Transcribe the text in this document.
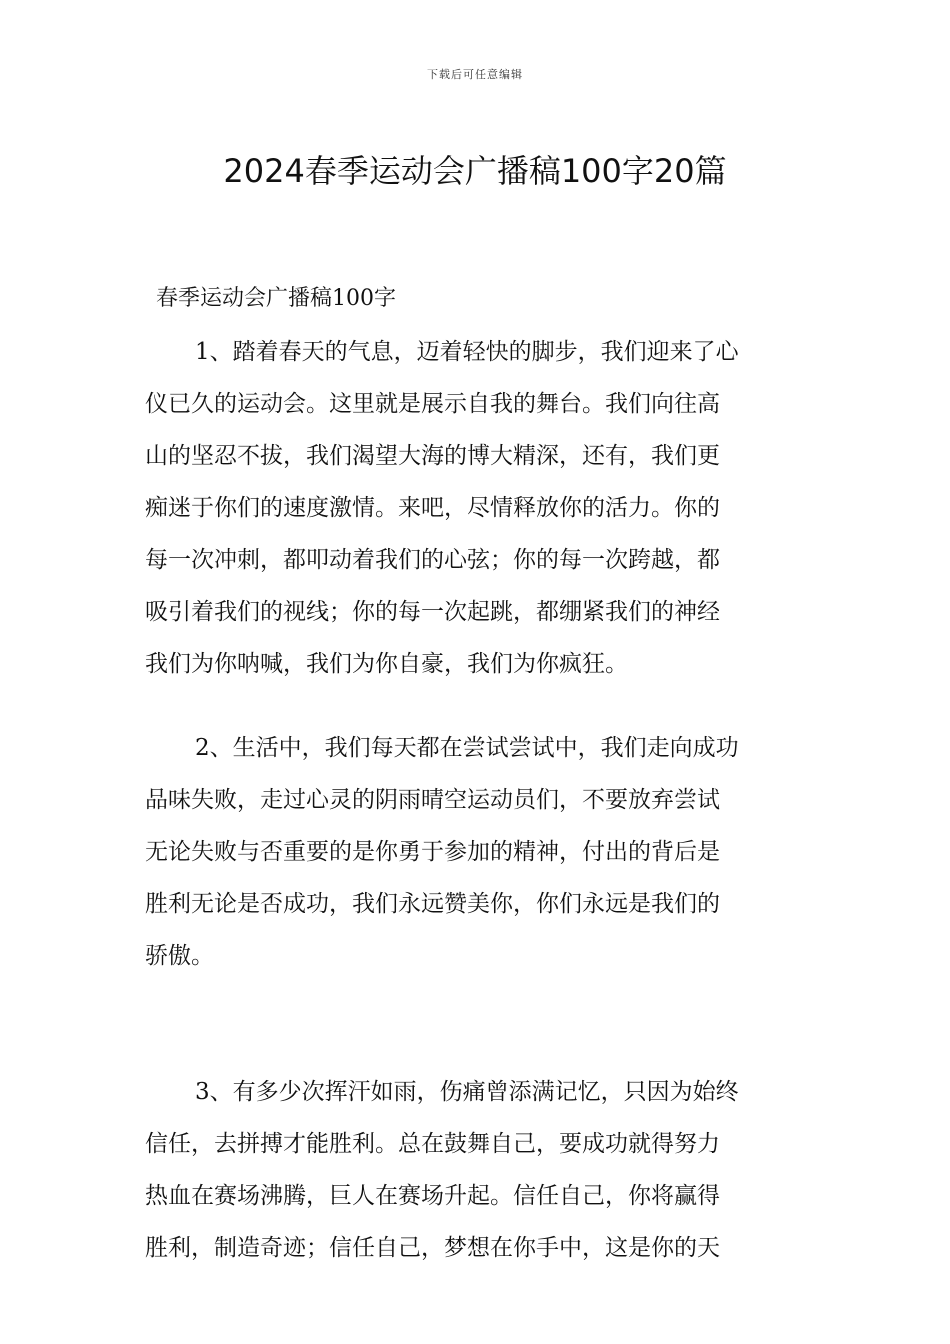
下载后可任意编辑
2024春季运动会广播稿100字20篇
春季运动会广播稿100字
1、踏着春天的气息，迈着轻快的脚步，我们迎来了心
仪已久的运动会。这里就是展示自我的舞台。我们向往高
山的坚忍不拔，我们渴望大海的博大精深，还有，我们更
痴迷于你们的速度激情。来吧，尽情释放你的活力。你的
每一次冲刺，都叩动着我们的心弦；你的每一次跨越，都
吸引着我们的视线；你的每一次起跳，都绷紧我们的神经
我们为你呐喊，我们为你自豪，我们为你疯狂。
2、生活中，我们每天都在尝试尝试中，我们走向成功
品味失败，走过心灵的阴雨晴空运动员们，不要放弃尝试
无论失败与否重要的是你勇于参加的精神，付出的背后是
胜利无论是否成功，我们永远赞美你，你们永远是我们的
骄傲。
3、有多少次挥汗如雨，伤痛曾添满记忆，只因为始终
信任，去拼搏才能胜利。总在鼓舞自己，要成功就得努力
热血在赛场沸腾，巨人在赛场升起。信任自己，你将赢得
胜利，制造奇迹；信任自己，梦想在你手中，这是你的天
